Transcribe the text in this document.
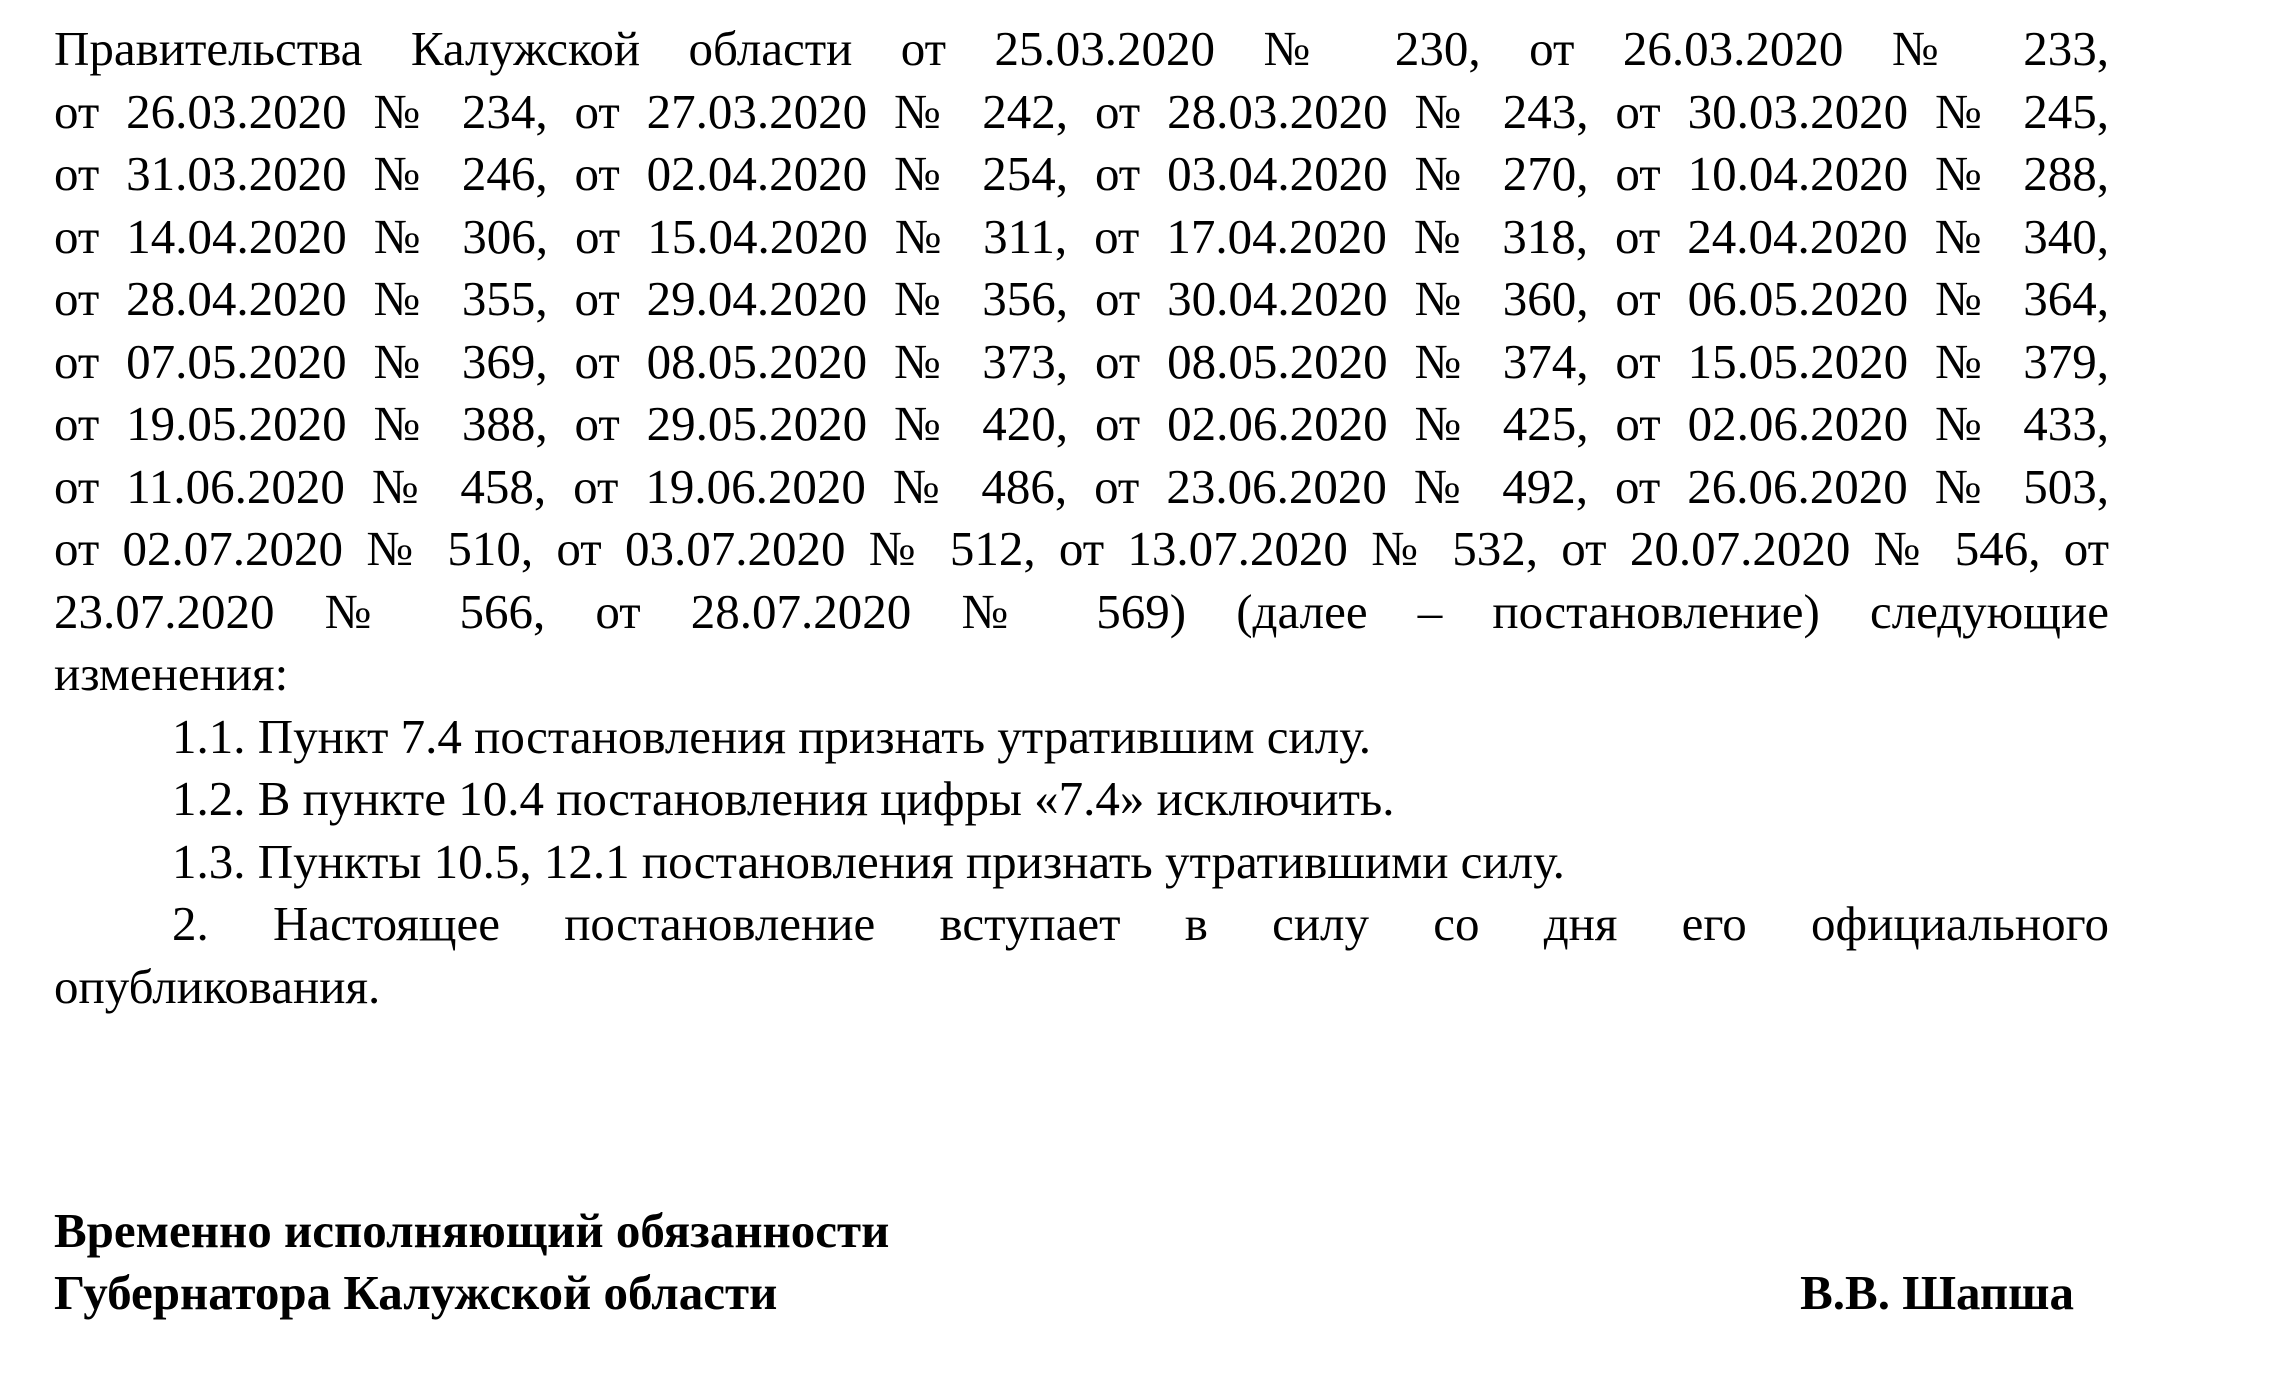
Правительства Калужской области от 25.03.2020 № 230, от 26.03.2020 № 233,
от 26.03.2020 № 234, от 27.03.2020 № 242, от 28.03.2020 № 243, от 30.03.2020 № 245,
от 31.03.2020 № 246, от 02.04.2020 № 254, от 03.04.2020 № 270, от 10.04.2020 № 288,
от 14.04.2020 № 306, от 15.04.2020 № 311, от 17.04.2020 № 318, от 24.04.2020 № 340,
от 28.04.2020 № 355, от 29.04.2020 № 356, от 30.04.2020 № 360, от 06.05.2020 № 364,
от 07.05.2020 № 369, от 08.05.2020 № 373, от 08.05.2020 № 374, от 15.05.2020 № 379,
от 19.05.2020 № 388, от 29.05.2020 № 420, от 02.06.2020 № 425, от 02.06.2020 № 433,
от 11.06.2020 № 458, от 19.06.2020 № 486, от 23.06.2020 № 492, от 26.06.2020 № 503,
от 02.07.2020 № 510, от 03.07.2020 № 512, от 13.07.2020 № 532, от 20.07.2020 № 546, от
23.07.2020 № 566, от 28.07.2020 № 569) (далее – постановление) следующие
изменения:
1.1. Пункт 7.4 постановления признать утратившим силу.
1.2. В пункте 10.4 постановления цифры «7.4» исключить.
1.3. Пункты 10.5, 12.1 постановления признать утратившими силу.
2. Настоящее постановление вступает в силу со дня его официального
опубликования.
Временно исполняющий обязанности
Губернатора Калужской области	В.В. Шапша
